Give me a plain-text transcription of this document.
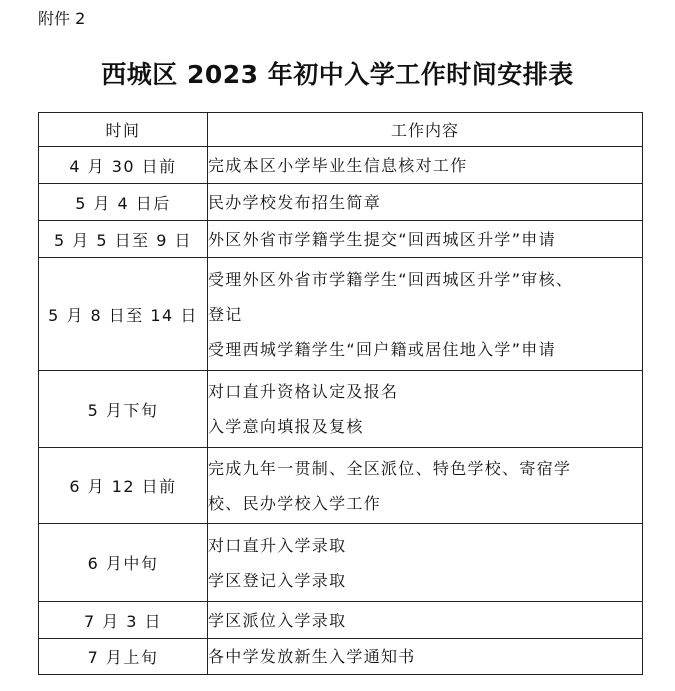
附件 2
西城区 2023 年初中入学工作时间安排表
时间	工作内容
4 月 30 日前	完成本区小学毕业生信息核对工作

5 月 4 日后	民办学校发布招生简章

5 月 5 日至 9 日	外区外省市学籍学生提交“回西城区升学”申请

5 月 8 日至 14 日	受理外区外省市学籍学生“回西城区升学”审核、
登记
受理西城学籍学生“回户籍或居住地入学”申请

5 月下旬	对口直升资格认定及报名
入学意向填报及复核

6 月 12 日前	完成九年一贯制、全区派位、特色学校、寄宿学
校、民办学校入学工作

6 月中旬	对口直升入学录取
学区登记入学录取

7 月 3 日	学区派位入学录取

7 月上旬	各中学发放新生入学通知书
